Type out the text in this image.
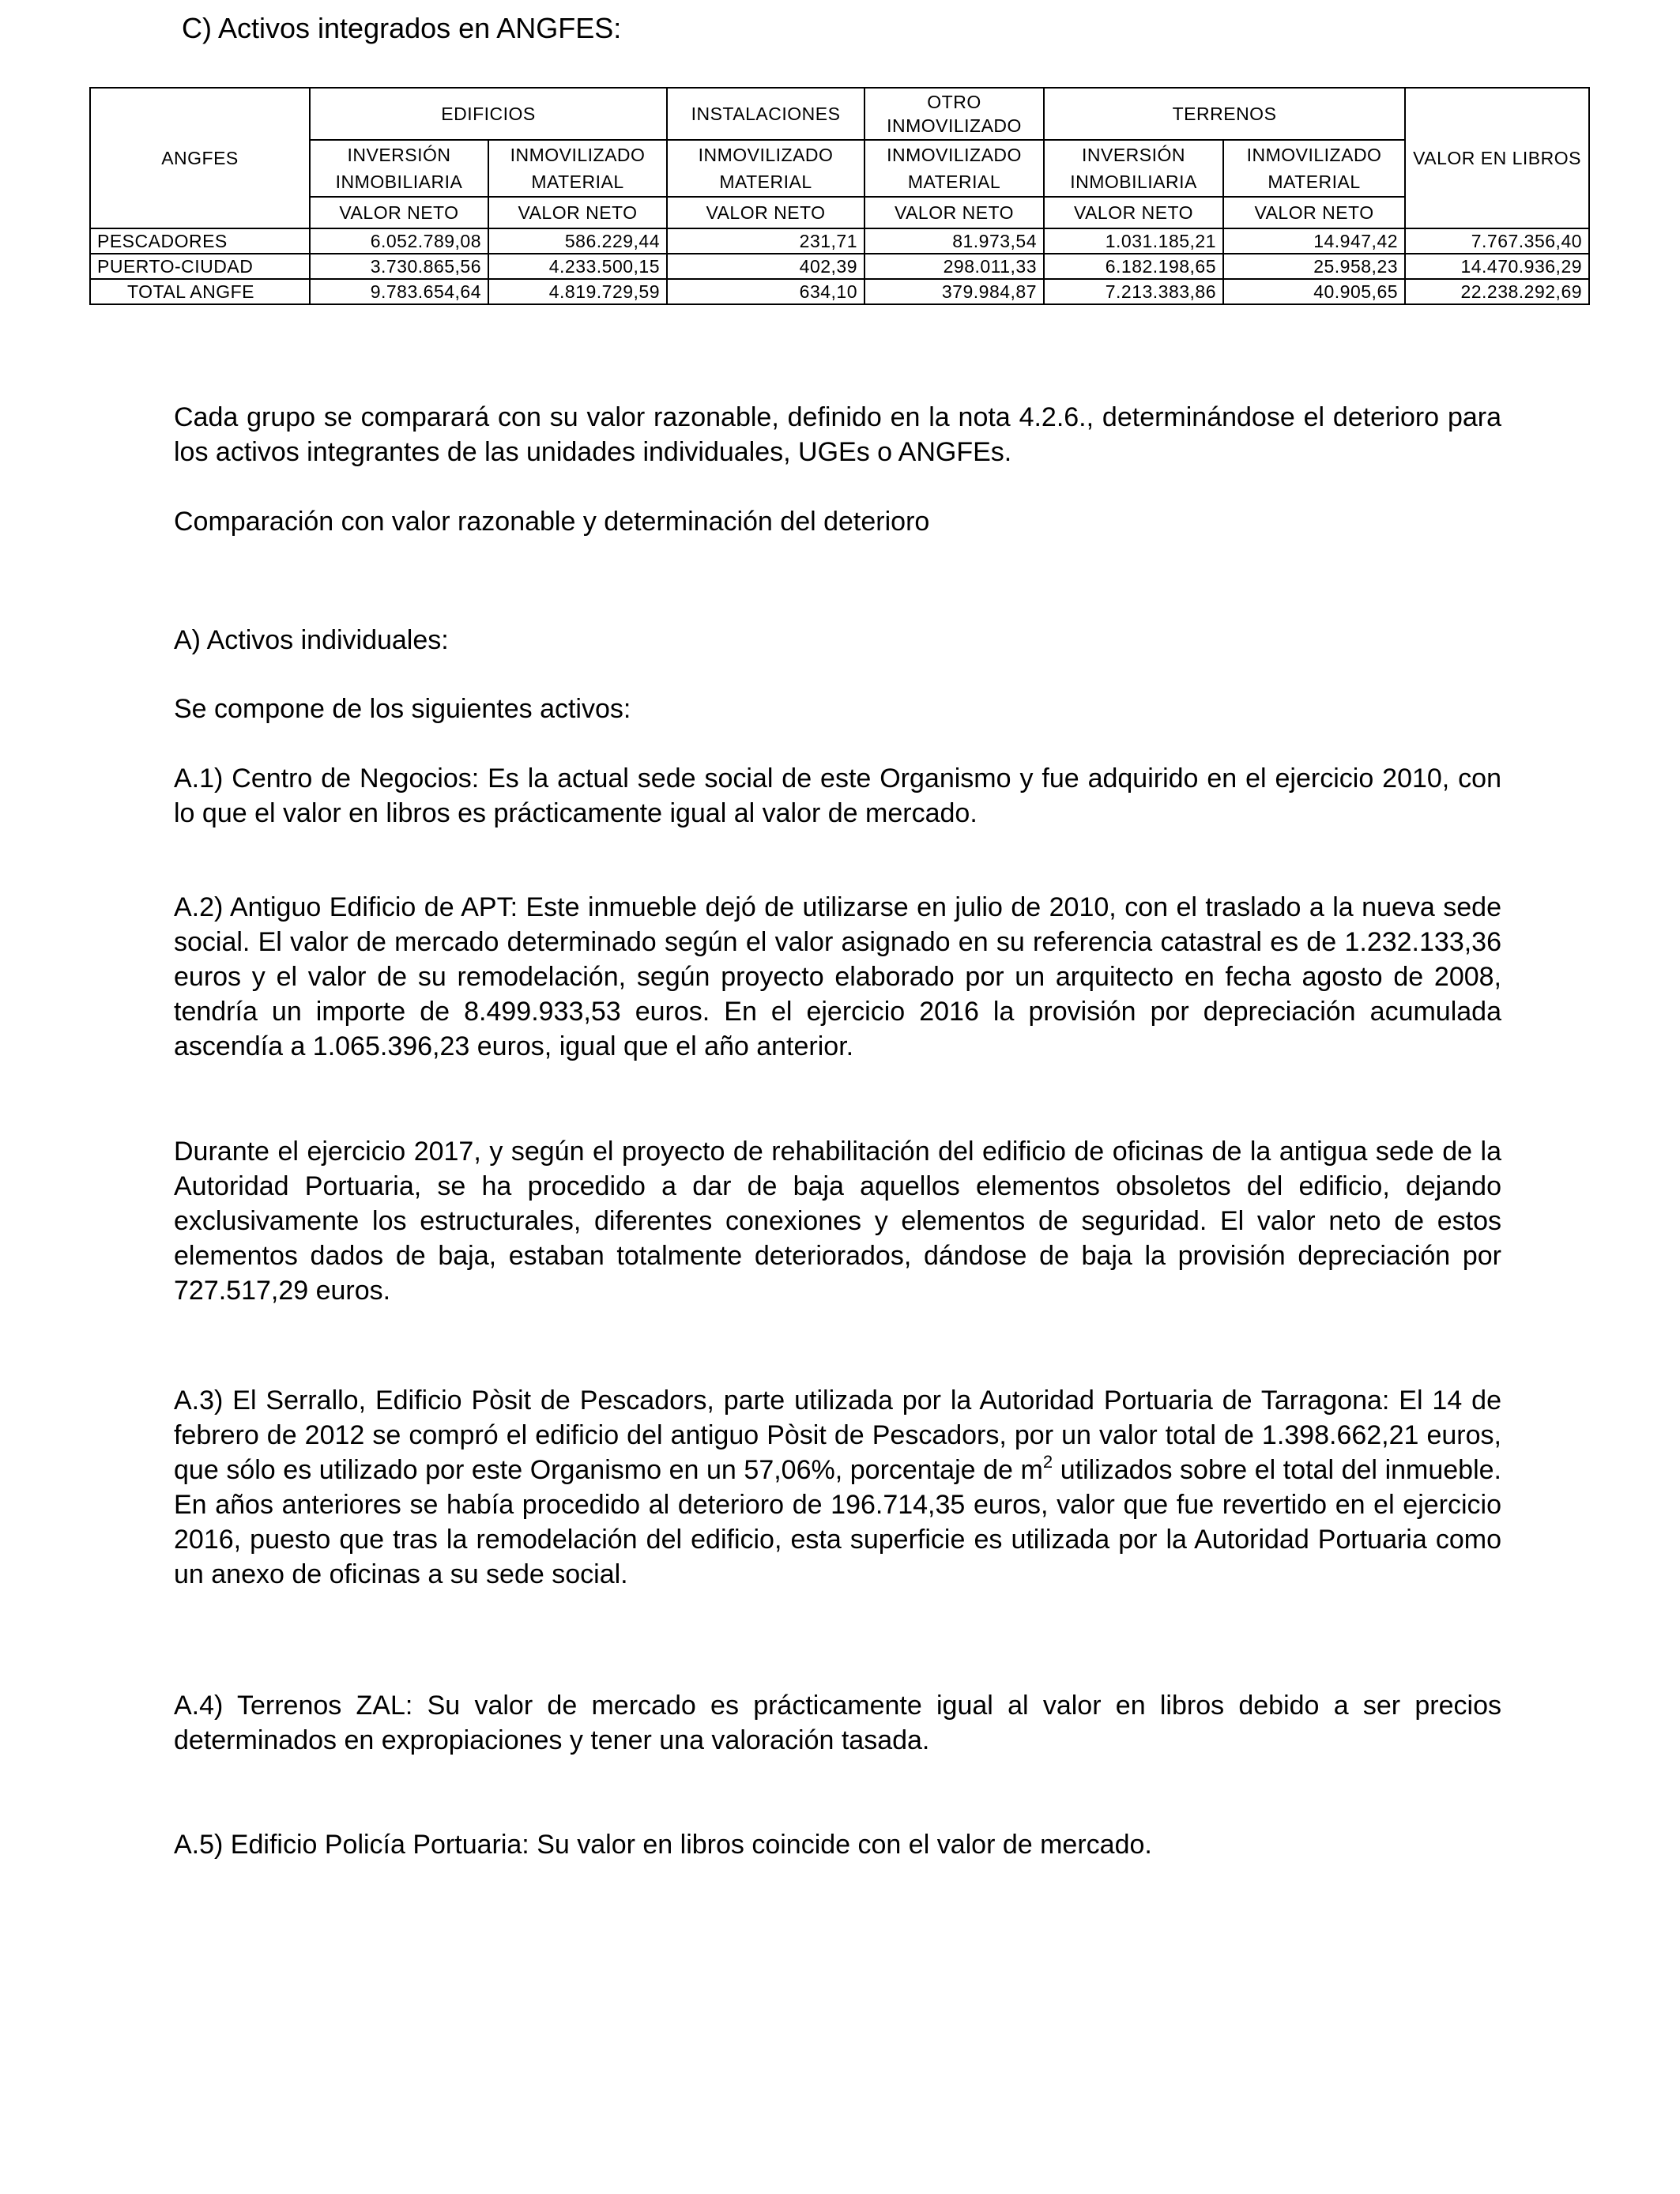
C) Activos integrados en ANGFES:
ANGFES	EDIFICIOS		INSTALACIONES	OTRO INMOVILIZADO	TERRENOS		VALOR EN LIBROS
	INVERSIÓN INMOBILIARIA	INMOVILIZADO MATERIAL	INMOVILIZADO MATERIAL	INMOVILIZADO MATERIAL	INVERSIÓN INMOBILIARIA	INMOVILIZADO MATERIAL	
	VALOR NETO	VALOR NETO	VALOR NETO	VALOR NETO	VALOR NETO	VALOR NETO	
PESCADORES	6.052.789,08	586.229,44	231,71	81.973,54	1.031.185,21	14.947,42	7.767.356,40
PUERTO-CIUDAD	3.730.865,56	4.233.500,15	402,39	298.011,33	6.182.198,65	25.958,23	14.470.936,29
TOTAL ANGFE	9.783.654,64	4.819.729,59	634,10	379.984,87	7.213.383,86	40.905,65	22.238.292,69
Cada grupo se comparará con su valor razonable, definido en la nota 4.2.6., determinándose el deterioro para los activos integrantes de las unidades individuales, UGEs o ANGFEs.
Comparación con valor razonable y determinación del deterioro
A) Activos individuales:
Se compone de los siguientes activos:
A.1) Centro de Negocios: Es la actual sede social de este Organismo y fue adquirido en el ejercicio 2010, con lo que el valor en libros es prácticamente igual al valor de mercado.
A.2) Antiguo Edificio de APT: Este inmueble dejó de utilizarse en julio de 2010, con el traslado a la nueva sede social. El valor de mercado determinado según el valor asignado en su referencia catastral es de 1.232.133,36 euros y el valor de su remodelación, según proyecto elaborado por un arquitecto en fecha agosto de 2008, tendría un importe de 8.499.933,53 euros. En el ejercicio 2016 la provisión por depreciación acumulada ascendía a 1.065.396,23 euros, igual que el año anterior.
Durante el ejercicio 2017, y según el proyecto de rehabilitación del edificio de oficinas de la antigua sede de la Autoridad Portuaria, se ha procedido a dar de baja aquellos elementos obsoletos del edificio, dejando exclusivamente los estructurales, diferentes conexiones y elementos de seguridad. El valor neto de estos elementos dados de baja, estaban totalmente deteriorados, dándose de baja la provisión depreciación por 727.517,29 euros.
A.3) El Serrallo, Edificio Pòsit de Pescadors, parte utilizada por la Autoridad Portuaria de Tarragona: El 14 de febrero de 2012 se compró el edificio del antiguo Pòsit de Pescadors, por un valor total de 1.398.662,21 euros, que sólo es utilizado por este Organismo en un 57,06%, porcentaje de $m^2$ utilizados sobre el total del inmueble. En años anteriores se había procedido al deterioro de 196.714,35 euros, valor que fue revertido en el ejercicio 2016, puesto que tras la remodelación del edificio, esta superficie es utilizada por la Autoridad Portuaria como un anexo de oficinas a su sede social.
A.4) Terrenos ZAL: Su valor de mercado es prácticamente igual al valor en libros debido a ser precios determinados en expropiaciones y tener una valoración tasada.
A.5) Edificio Policía Portuaria: Su valor en libros coincide con el valor de mercado.
